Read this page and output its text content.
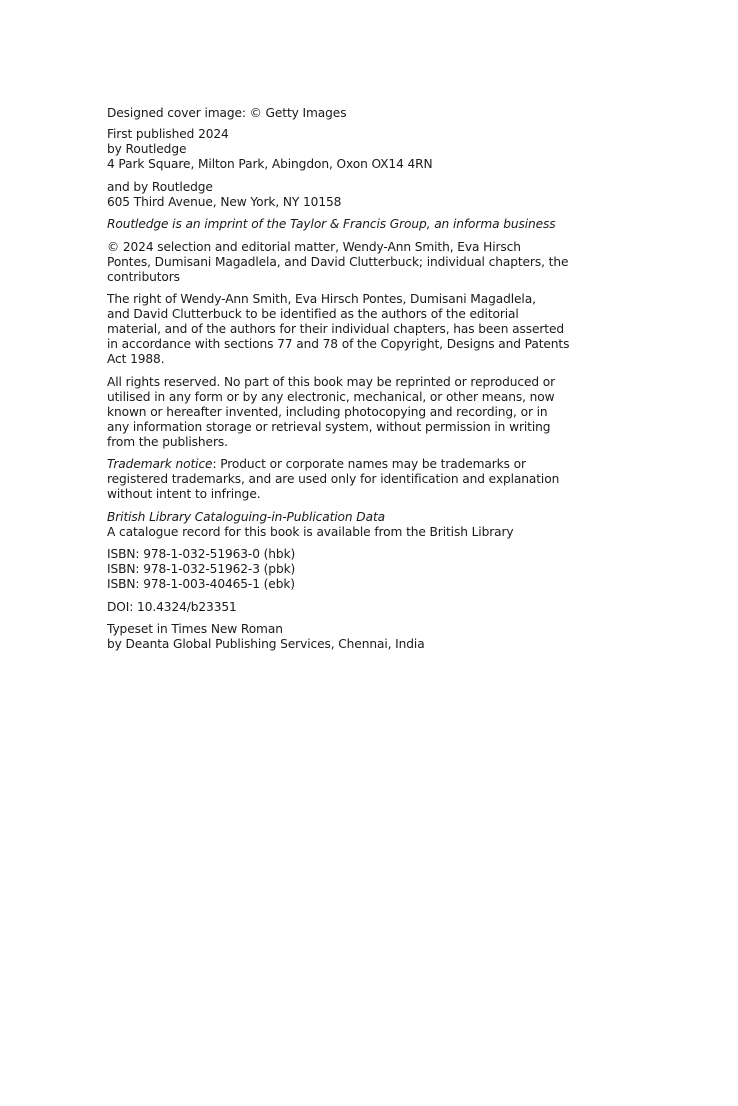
Designed cover image: © Getty Images
First published 2024
by Routledge
4 Park Square, Milton Park, Abingdon, Oxon OX14 4RN
and by Routledge
605 Third Avenue, New York, NY 10158
Routledge is an imprint of the Taylor & Francis Group, an informa business
© 2024 selection and editorial matter, Wendy-Ann Smith, Eva Hirsch
Pontes, Dumisani Magadlela, and David Clutterbuck; individual chapters, the
contributors
The right of Wendy-Ann Smith, Eva Hirsch Pontes, Dumisani Magadlela,
and David Clutterbuck to be identified as the authors of the editorial
material, and of the authors for their individual chapters, has been asserted
in accordance with sections 77 and 78 of the Copyright, Designs and Patents
Act 1988.
All rights reserved. No part of this book may be reprinted or reproduced or
utilised in any form or by any electronic, mechanical, or other means, now
known or hereafter invented, including photocopying and recording, or in
any information storage or retrieval system, without permission in writing
from the publishers.
Trademark notice: Product or corporate names may be trademarks or
registered trademarks, and are used only for identification and explanation
without intent to infringe.
British Library Cataloguing-in-Publication Data
A catalogue record for this book is available from the British Library
ISBN: 978-1-032-51963-0 (hbk)
ISBN: 978-1-032-51962-3 (pbk)
ISBN: 978-1-003-40465-1 (ebk)
DOI: 10.4324/b23351
Typeset in Times New Roman
by Deanta Global Publishing Services, Chennai, India
